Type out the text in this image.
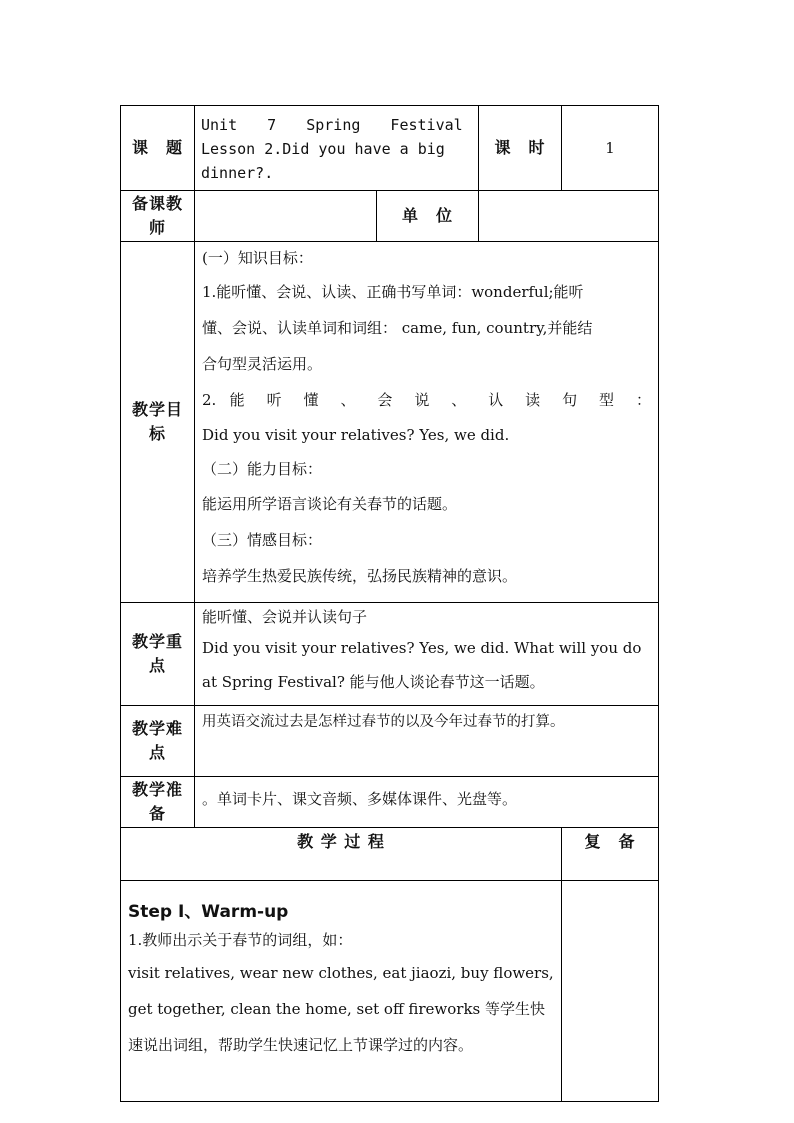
课　题
Unit　 7 　Spring　 Festival
Lesson 2.Did you have a big
dinner?.
课　时	1
备课教师
单　位
教学目标
(一）知识目标：
1.能听懂、会说、认读、正确书写单词：wonderful;能听
懂、会说、认读单词和词组： came, fun, country,并能结
合句型灵活运用。
2. 能 听 懂 、 会 说 、 认 读 句 型 ：
Did you visit your relatives? Yes, we did.
（二）能力目标：
能运用所学语言谈论有关春节的话题。
（三）情感目标：
培养学生热爱民族传统，弘扬民族精神的意识。
教学重点
能听懂、会说并认读句子
Did you visit your relatives? Yes, we did. What will you do
at Spring Festival? 能与他人谈论春节这一话题。
教学难点
用英语交流过去是怎样过春节的以及今年过春节的打算。
教学准备
。单词卡片、课文音频、多媒体课件、光盘等。
教 学 过 程	复　备
Step I、Warm-up
1.教师出示关于春节的词组，如：
visit relatives, wear new clothes, eat jiaozi, buy flowers,
get together, clean the home, set off fireworks 等学生快
速说出词组，帮助学生快速记忆上节课学过的内容。
